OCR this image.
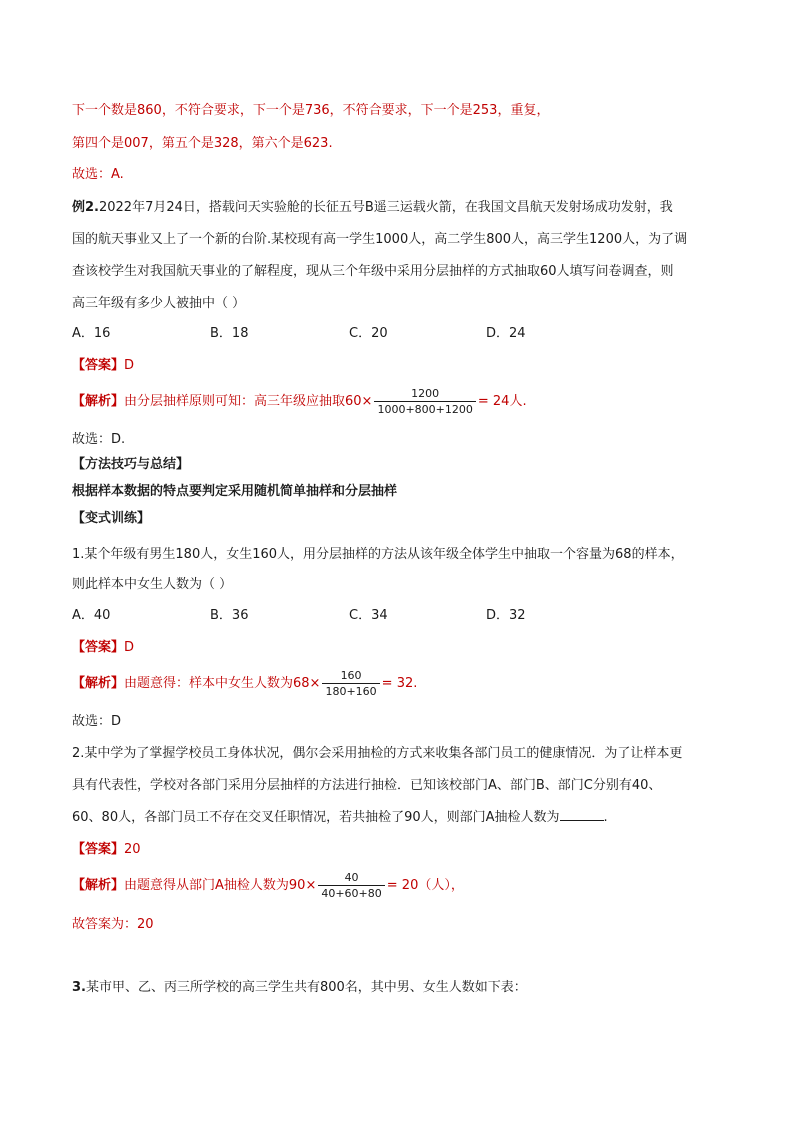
下一个数是860，不符合要求，下一个是736，不符合要求，下一个是253，重复，
第四个是007，第五个是328，第六个是623.
故选：A.
例2.2022年7月24日，搭载问天实验舱的长征五号B遥三运载火箭，在我国文昌航天发射场成功发射，我
国的航天事业又上了一个新的台阶.某校现有高一学生1000人，高二学生800人，高三学生1200人，为了调
查该校学生对我国航天事业的了解程度，现从三个年级中采用分层抽样的方式抽取60人填写问卷调查，则
高三年级有多少人被抽中（ ）
A．16	B．18	C．20	D．24
【答案】D
【解析】由分层抽样原则可知：高三年级应抽取$60\times \frac{1200}{1000+800+1200} = 24$人.
故选：D.
【方法技巧与总结】
根据样本数据的特点要判定采用随机简单抽样和分层抽样
【变式训练】
1.某个年级有男生180人，女生160人，用分层抽样的方法从该年级全体学生中抽取一个容量为68的样本，
则此样本中女生人数为（ ）
A．40	B．36	C．34	D．32
【答案】D
【解析】由题意得：样本中女生人数为$68\times \frac{160}{180+160} = 32$.
故选：D
2.某中学为了掌握学校员工身体状况，偶尔会采用抽检的方式来收集各部门员工的健康情况．为了让样本更
具有代表性，学校对各部门采用分层抽样的方法进行抽检．已知该校部门A、部门B、部门C分别有40、
60、80人，各部门员工不存在交叉任职情况，若共抽检了90人，则部门A抽检人数为	.
【答案】20
【解析】由题意得从部门A抽检人数为$90\times \frac{40}{40+60+80} = 20$（人），
故答案为：20
3.某市甲、乙、丙三所学校的高三学生共有800名，其中男、女生人数如下表：
